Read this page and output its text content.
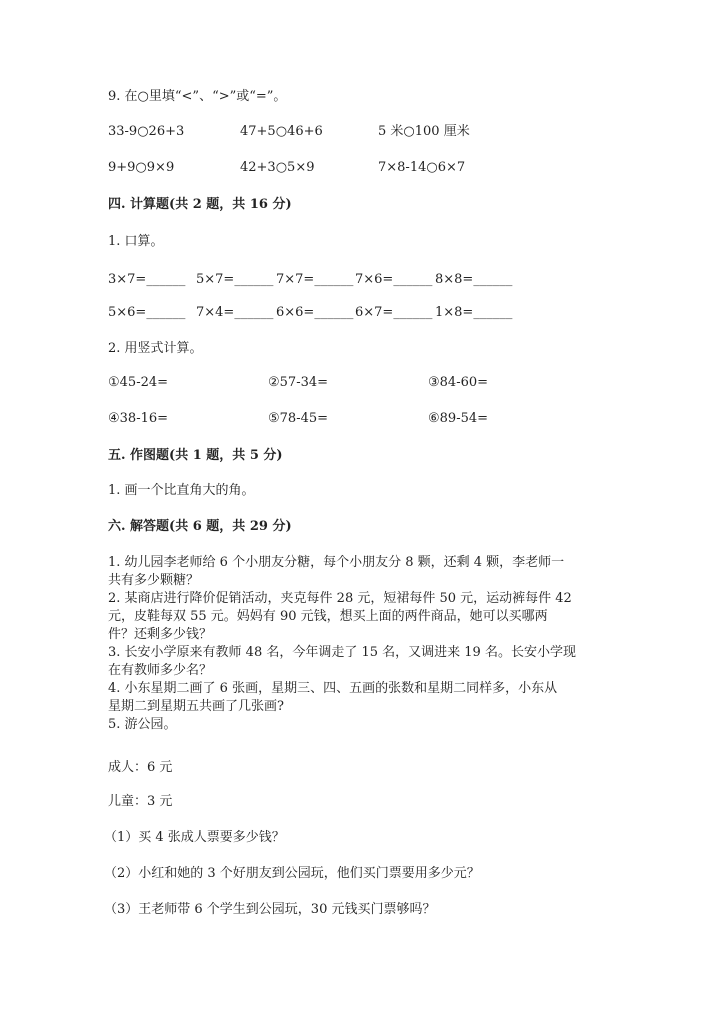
9. 在○里填“<”、“>”或“=”。
33-9○26+3	47+5○46+6	5 米○100 厘米
9+9○9×9	42+3○5×9	7×8-14○6×7
四. 计算题(共 2 题，共 16 分)
1. 口算。
3×7=______ 5×7=______ 7×7=______ 7×6=______ 8×8=______
5×6=______ 7×4=______ 6×6=______ 6×7=______ 1×8=______
2. 用竖式计算。
①45-24=	②57-34=	③84-60=
④38-16=	⑤78-45=	⑥89-54=
五. 作图题(共 1 题，共 5 分)
1. 画一个比直角大的角。
六. 解答题(共 6 题，共 29 分)
1. 幼儿园李老师给 6 个小朋友分糖，每个小朋友分 8 颗，还剩 4 颗，李老师一
共有多少颗糖？
2. 某商店进行降价促销活动，夹克每件 28 元，短裙每件 50 元，运动裤每件 42
元，皮鞋每双 55 元。妈妈有 90 元钱，想买上面的两件商品，她可以买哪两
件？还剩多少钱？
3. 长安小学原来有教师 48 名，今年调走了 15 名，又调进来 19 名。长安小学现
在有教师多少名？
4. 小东星期二画了 6 张画，星期三、四、五画的张数和星期二同样多，小东从
星期二到星期五共画了几张画?
5. 游公园。
成人：6 元
儿童：3 元
（1）买 4 张成人票要多少钱？
（2）小红和她的 3 个好朋友到公园玩，他们买门票要用多少元？
（3）王老师带 6 个学生到公园玩，30 元钱买门票够吗？
